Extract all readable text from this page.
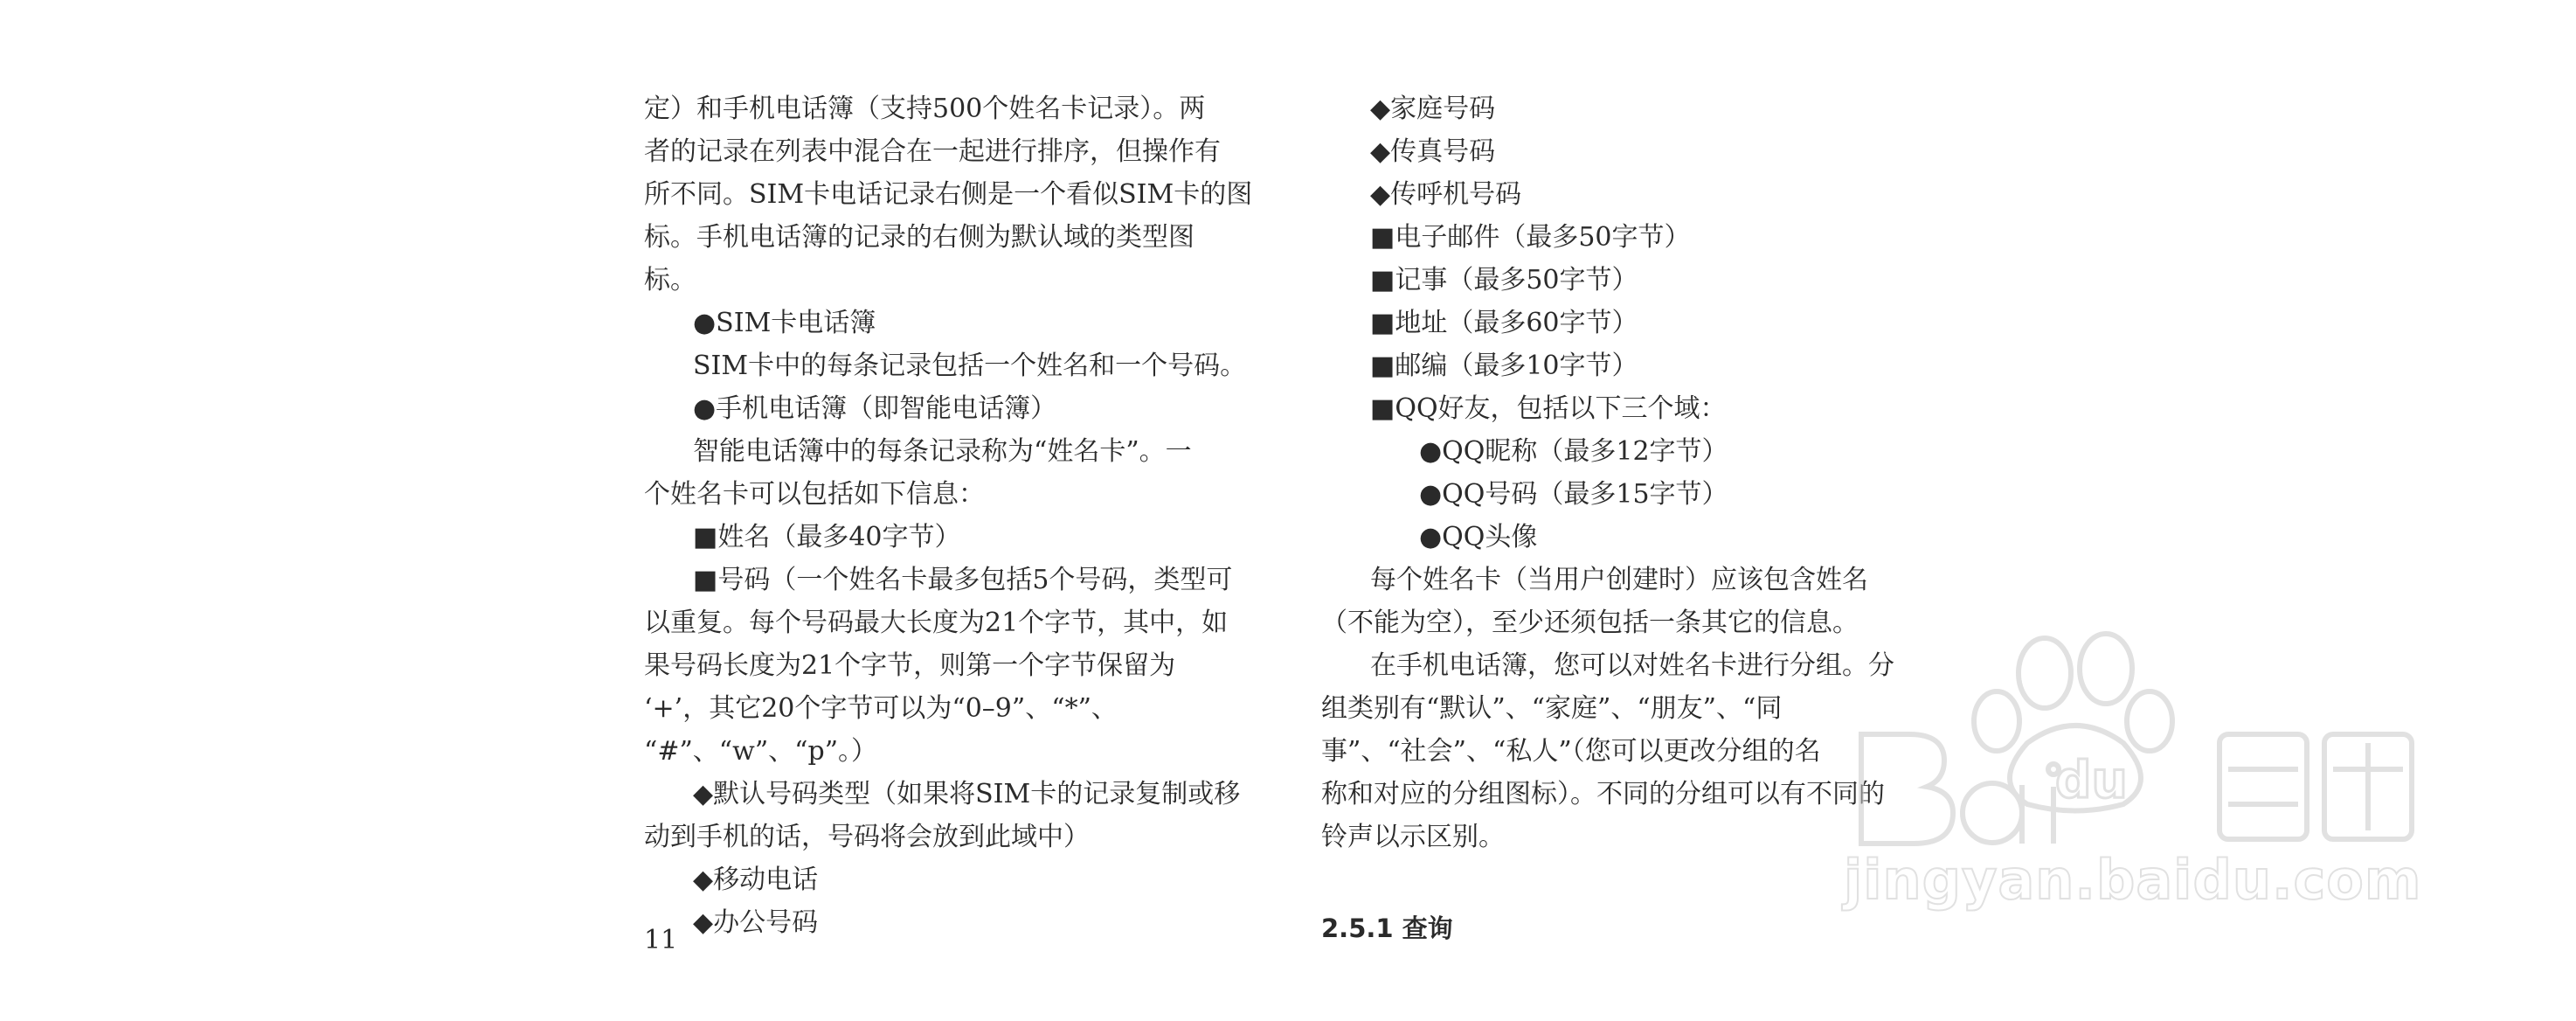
定）和手机电话簿（支持500个姓名卡记录）。两
者的记录在列表中混合在一起进行排序，但操作有
所不同。SIM卡电话记录右侧是一个看似SIM卡的图
标。手机电话簿的记录的右侧为默认域的类型图
标。
●SIM卡电话簿
SIM卡中的每条记录包括一个姓名和一个号码。
●手机电话簿（即智能电话簿）
智能电话簿中的每条记录称为“姓名卡”。一
个姓名卡可以包括如下信息：
■姓名（最多40字节）
■号码（一个姓名卡最多包括5个号码，类型可
以重复。每个号码最大长度为21个字节，其中，如
果号码长度为21个字节，则第一个字节保留为
‘+’，其它20个字节可以为“0–9”、“*”、
“#”、“w”、“p”。）
◆默认号码类型（如果将SIM卡的记录复制或移
动到手机的话，号码将会放到此域中）
◆移动电话
◆办公号码
◆家庭号码
◆传真号码
◆传呼机号码
■电子邮件（最多50字节）
■记事（最多50字节）
■地址（最多60字节）
■邮编（最多10字节）
■QQ好友，包括以下三个域：
●QQ昵称（最多12字节）
●QQ号码（最多15字节）
●QQ头像
每个姓名卡（当用户创建时）应该包含姓名
（不能为空），至少还须包括一条其它的信息。
在手机电话簿，您可以对姓名卡进行分组。分
组类别有“默认”、“家庭”、“朋友”、“同
事”、“社会”、“私人”（您可以更改分组的名
称和对应的分组图标）。不同的分组可以有不同的
铃声以示区别。
2.5.1 查询
11
du
jingyan.baidu.com
